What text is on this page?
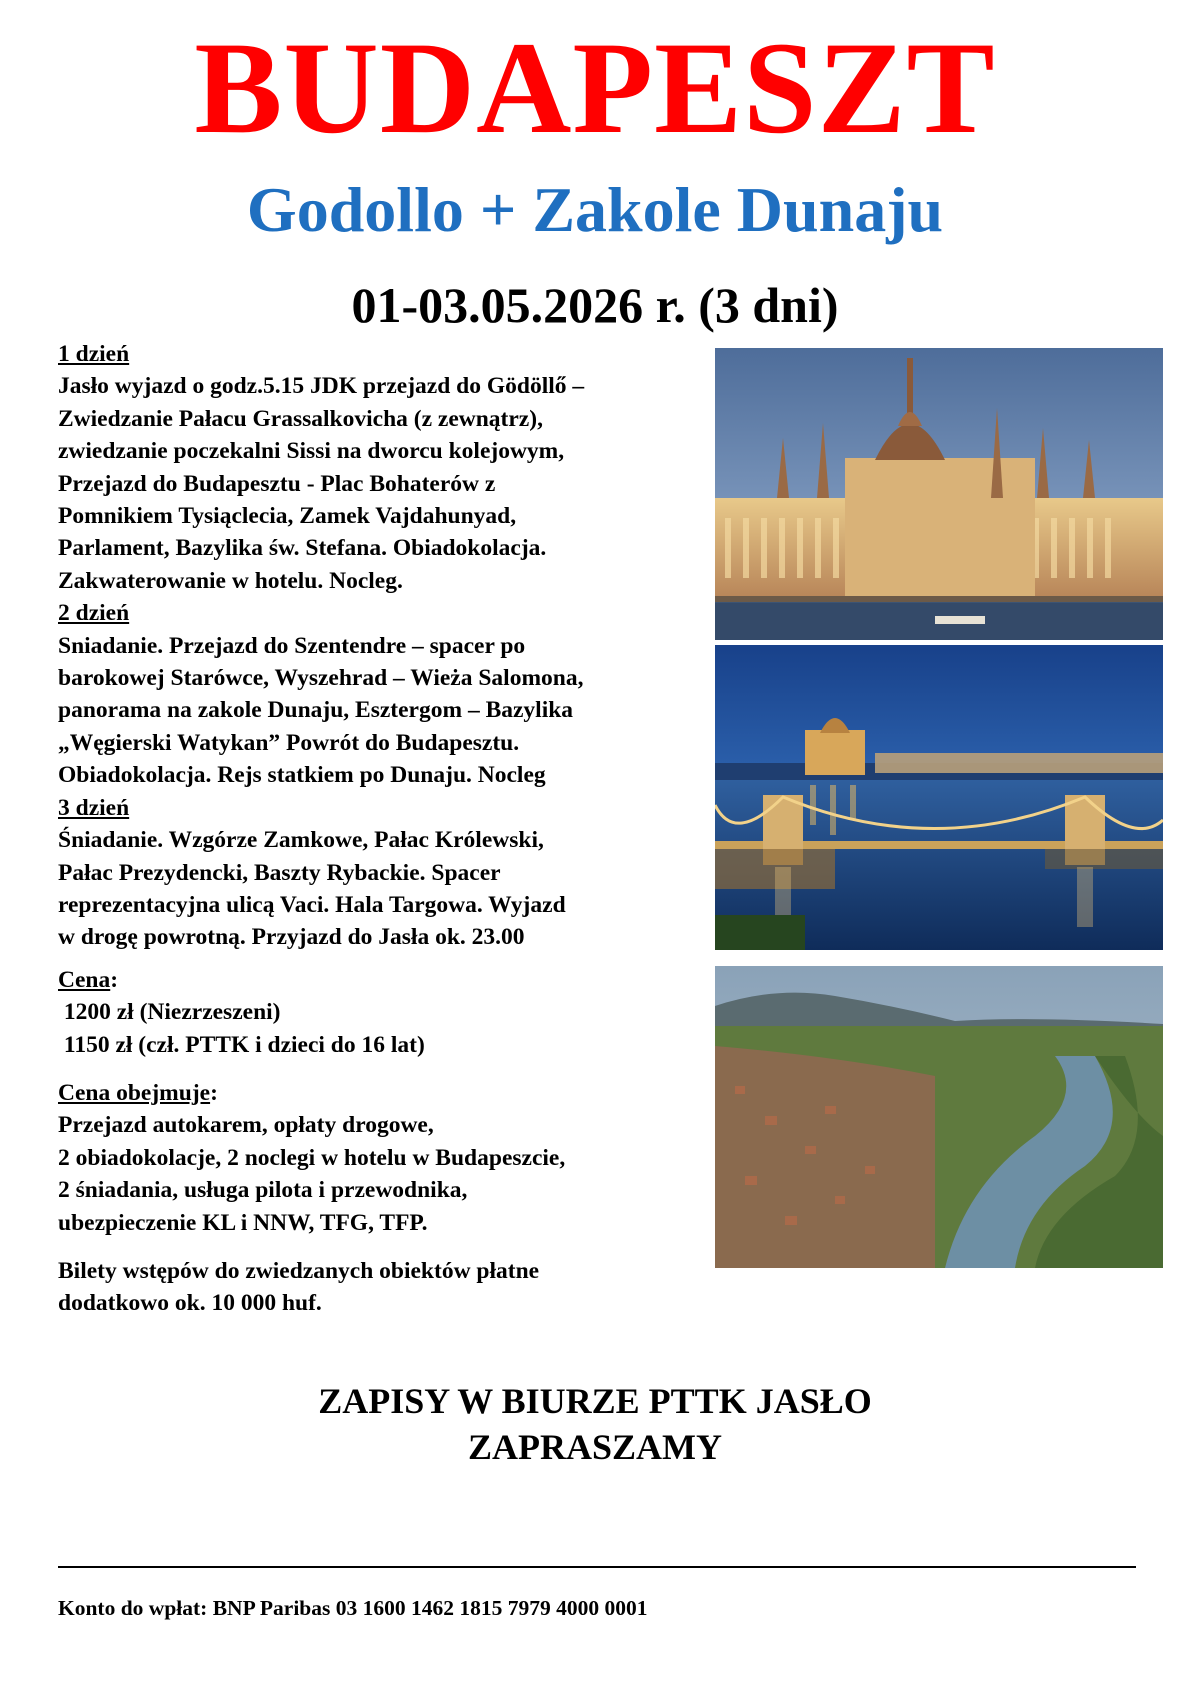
BUDAPESZT
Godollo + Zakole Dunaju
01-03.05.2026 r. (3 dni)

1 dzień

Jasło wyjazd o godz.5.15 JDK przejazd do Gödöllő –

Zwiedzanie Pałacu Grassalkovicha (z zewnątrz),

zwiedzanie poczekalni Sissi na dworcu kolejowym,

Przejazd do Budapesztu - Plac Bohaterów z

Pomnikiem Tysiąclecia, Zamek Vajdahunyad,

Parlament, Bazylika św. Stefana. Obiadokolacja.

Zakwaterowanie w hotelu. Nocleg.

2 dzień

Sniadanie. Przejazd do Szentendre – spacer po

barokowej Starówce, Wyszehrad – Wieża Salomona,

panorama na zakole Dunaju, Esztergom – Bazylika

„Węgierski Watykan” Powrót do Budapesztu.

Obiadokolacja. Rejs statkiem po Dunaju. Nocleg

3 dzień

Śniadanie. Wzgórze Zamkowe, Pałac Królewski,

Pałac Prezydencki, Baszty Rybackie. Spacer

reprezentacyjna ulicą Vaci. Hala Targowa. Wyjazd

w drogę powrotną. Przyjazd do Jasła ok. 23.00

Cena:

1200 zł (Niezrzeszeni)

1150 zł (czł. PTTK i dzieci do 16 lat)

Cena obejmuje:

Przejazd autokarem, opłaty drogowe,

2 obiadokolacje, 2 noclegi w hotelu w Budapeszcie,

2 śniadania, usługa pilota i przewodnika,

ubezpieczenie KL i NNW, TFG, TFP.

Bilety wstępów do zwiedzanych obiektów płatne

dodatkowo ok. 10 000 huf.

ZAPISY W BIURZE PTTK JASŁO
ZAPRASZAMY
Konto do wpłat: BNP Paribas 03 1600 1462 1815 7979 4000 0001
